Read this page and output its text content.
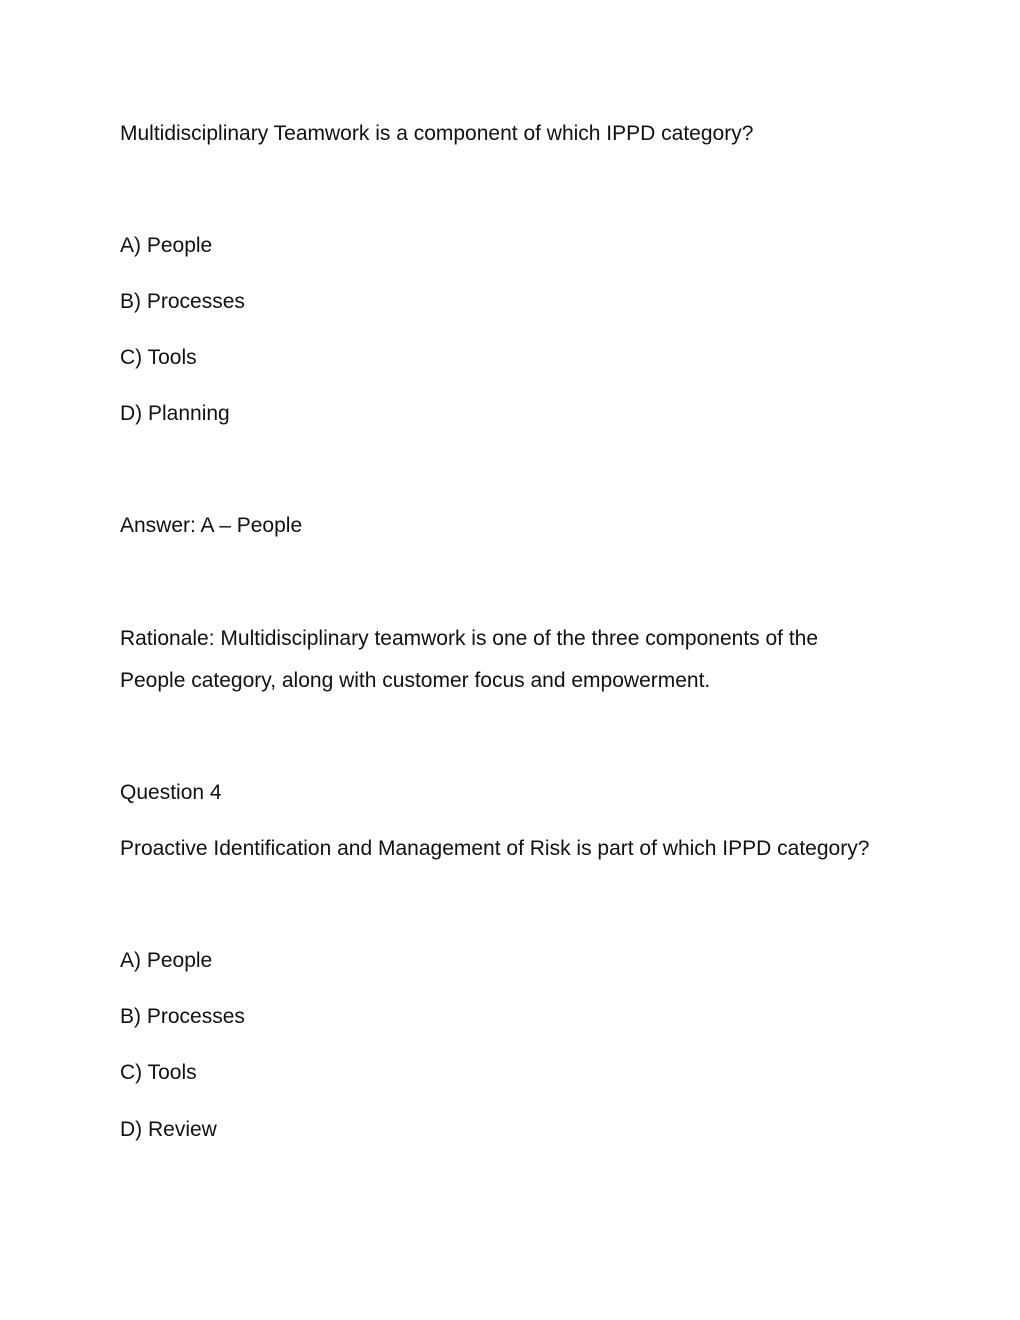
Multidisciplinary Teamwork is a component of which IPPD category?

A) People

B) Processes

C) Tools

D) Planning

Answer: A – People

Rationale: Multidisciplinary teamwork is one of the three components of the

People category, along with customer focus and empowerment.

Question 4

Proactive Identification and Management of Risk is part of which IPPD category?

A) People

B) Processes

C) Tools

D) Review
